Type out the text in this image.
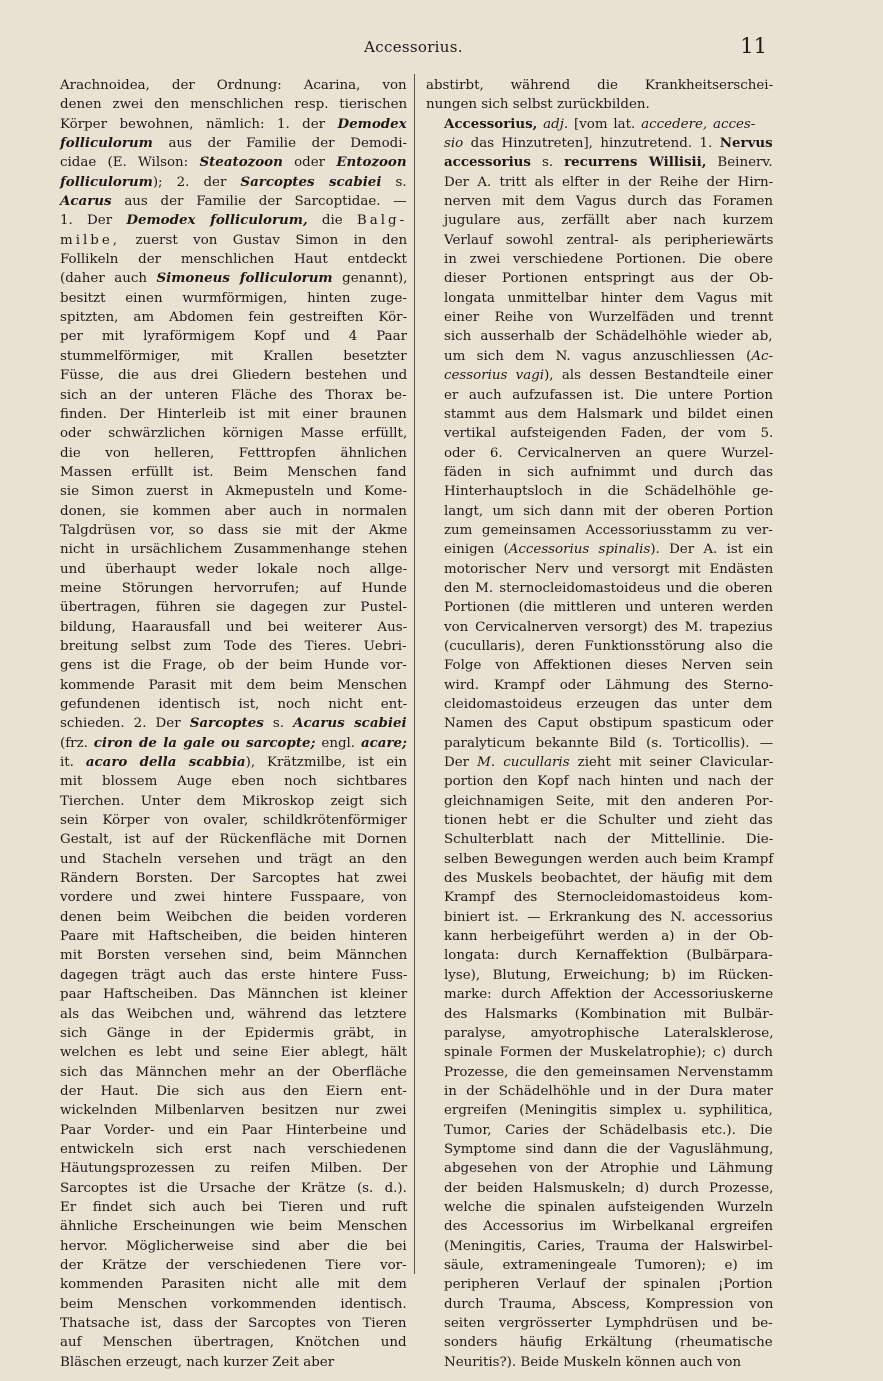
Accessorius.	11

Arachnoidea, der Ordnung: Acarina, von
denen zwei den menschlichen resp. tierischen
Körper bewohnen, nämlich: 1. der Demodex
folliculorum aus der Familie der Demodi-
cidae (E. Wilson: Steatozoon oder Entozoon
folliculorum); 2. der Sarcoptes scabiei s.
Acarus aus der Familie der Sarcoptidae. —
1. Der Demodex folliculorum, die Balg-
milbe, zuerst von Gustav Simon in den
Follikeln der menschlichen Haut entdeckt
(daher auch Simoneus folliculorum genannt),
besitzt einen wurmförmigen, hinten zuge-
spitzten, am Abdomen fein gestreiften Kör-
per mit lyraförmigem Kopf und 4 Paar
stummelförmiger, mit Krallen besetzter
Füsse, die aus drei Gliedern bestehen und
sich an der unteren Fläche des Thorax be-
finden. Der Hinterleib ist mit einer braunen
oder schwärzlichen körnigen Masse erfüllt,
die von helleren, Fetttropfen ähnlichen
Massen erfüllt ist. Beim Menschen fand
sie Simon zuerst in Akmepusteln und Kome-
donen, sie kommen aber auch in normalen
Talgdrüsen vor, so dass sie mit der Akme
nicht in ursächlichem Zusammenhange stehen
und überhaupt weder lokale noch allge-
meine Störungen hervorrufen; auf Hunde
übertragen, führen sie dagegen zur Pustel-
bildung, Haarausfall und bei weiterer Aus-
breitung selbst zum Tode des Tieres. Uebri-
gens ist die Frage, ob der beim Hunde vor-
kommende Parasit mit dem beim Menschen
gefundenen identisch ist, noch nicht ent-
schieden. 2. Der Sarcoptes s. Acarus scabiei
(frz. ciron de la gale ou sarcopte; engl. acare;
it. acaro della scabbia), Krätzmilbe, ist ein
mit blossem Auge eben noch sichtbares
Tierchen. Unter dem Mikroskop zeigt sich
sein Körper von ovaler, schildkrötenförmiger
Gestalt, ist auf der Rückenfläche mit Dornen
und Stacheln versehen und trägt an den
Rändern Borsten. Der Sarcoptes hat zwei
vordere und zwei hintere Fusspaare, von
denen beim Weibchen die beiden vorderen
Paare mit Haftscheiben, die beiden hinteren
mit Borsten versehen sind, beim Männchen
dagegen trägt auch das erste hintere Fuss-
paar Haftscheiben. Das Männchen ist kleiner
als das Weibchen und, während das letztere
sich Gänge in der Epidermis gräbt, in
welchen es lebt und seine Eier ablegt, hält
sich das Männchen mehr an der Oberfläche
der Haut. Die sich aus den Eiern ent-
wickelnden Milbenlarven besitzen nur zwei
Paar Vorder- und ein Paar Hinterbeine und
entwickeln sich erst nach verschiedenen
Häutungsprozessen zu reifen Milben. Der
Sarcoptes ist die Ursache der Krätze (s. d.).
Er findet sich auch bei Tieren und ruft
ähnliche Erscheinungen wie beim Menschen
hervor. Möglicherweise sind aber die bei
der Krätze der verschiedenen Tiere vor-
kommenden Parasiten nicht alle mit dem
beim Menschen vorkommenden identisch.
Thatsache ist, dass der Sarcoptes von Tieren
auf Menschen übertragen, Knötchen und
Bläschen erzeugt, nach kurzer Zeit aber

abstirbt, während die Krankheitserschei-
nungen sich selbst zurückbilden.

Accessorius, adj. [vom lat. accedere, acces-
sio das Hinzutreten], hinzutretend. 1. Nervus
accessorius s. recurrens Willisii, Beinerv.
Der A. tritt als elfter in der Reihe der Hirn-
nerven mit dem Vagus durch das Foramen
jugulare aus, zerfällt aber nach kurzem
Verlauf sowohl zentral- als peripheriewärts
in zwei verschiedene Portionen. Die obere
dieser Portionen entspringt aus der Ob-
longata unmittelbar hinter dem Vagus mit
einer Reihe von Wurzelfäden und trennt
sich ausserhalb der Schädelhöhle wieder ab,
um sich dem N. vagus anzuschliessen (Ac-
cessorius vagi), als dessen Bestandteile einer
er auch aufzufassen ist. Die untere Portion
stammt aus dem Halsmark und bildet einen
vertikal aufsteigenden Faden, der vom 5.
oder 6. Cervicalnerven an quere Wurzel-
fäden in sich aufnimmt und durch das
Hinterhauptsloch in die Schädelhöhle ge-
langt, um sich dann mit der oberen Portion
zum gemeinsamen Accessoriusstamm zu ver-
einigen (Accessorius spinalis). Der A. ist ein
motorischer Nerv und versorgt mit Endästen
den M. sternocleidomastoideus und die oberen
Portionen (die mittleren und unteren werden
von Cervicalnerven versorgt) des M. trapezius
(cucullaris), deren Funktionsstörung also die
Folge von Affektionen dieses Nerven sein
wird. Krampf oder Lähmung des Sterno-
cleidomastoideus erzeugen das unter dem
Namen des Caput obstipum spasticum oder
paralyticum bekannte Bild (s. Torticollis). —
Der M. cucullaris zieht mit seiner Clavicular-
portion den Kopf nach hinten und nach der
gleichnamigen Seite, mit den anderen Por-
tionen hebt er die Schulter und zieht das
Schulterblatt nach der Mittellinie. Die-
selben Bewegungen werden auch beim Krampf
des Muskels beobachtet, der häufig mit dem
Krampf des Sternocleidomastoideus kom-
biniert ist. — Erkrankung des N. accessorius
kann herbeigeführt werden a) in der Ob-
longata: durch Kernaffektion (Bulbärpara-
lyse), Blutung, Erweichung; b) im Rücken-
marke: durch Affektion der Accessoriuskerne
des Halsmarks (Kombination mit Bulbär-
paralyse, amyotrophische Lateralsklerose,
spinale Formen der Muskelatrophie); c) durch
Prozesse, die den gemeinsamen Nervenstamm
in der Schädelhöhle und in der Dura mater
ergreifen (Meningitis simplex u. syphilitica,
Tumor, Caries der Schädelbasis etc.). Die
Symptome sind dann die der Vaguslähmung,
abgesehen von der Atrophie und Lähmung
der beiden Halsmuskeln; d) durch Prozesse,
welche die spinalen aufsteigenden Wurzeln
des Accessorius im Wirbelkanal ergreifen
(Meningitis, Caries, Trauma der Halswirbel-
säule, extrameningeale Tumoren); e) im
peripheren Verlauf der spinalen ¡Portion
durch Trauma, Abscess, Kompression von
seiten vergrösserter Lymphdrüsen und be-
sonders häufig Erkältung (rheumatische
Neuritis?). Beide Muskeln können auch von
